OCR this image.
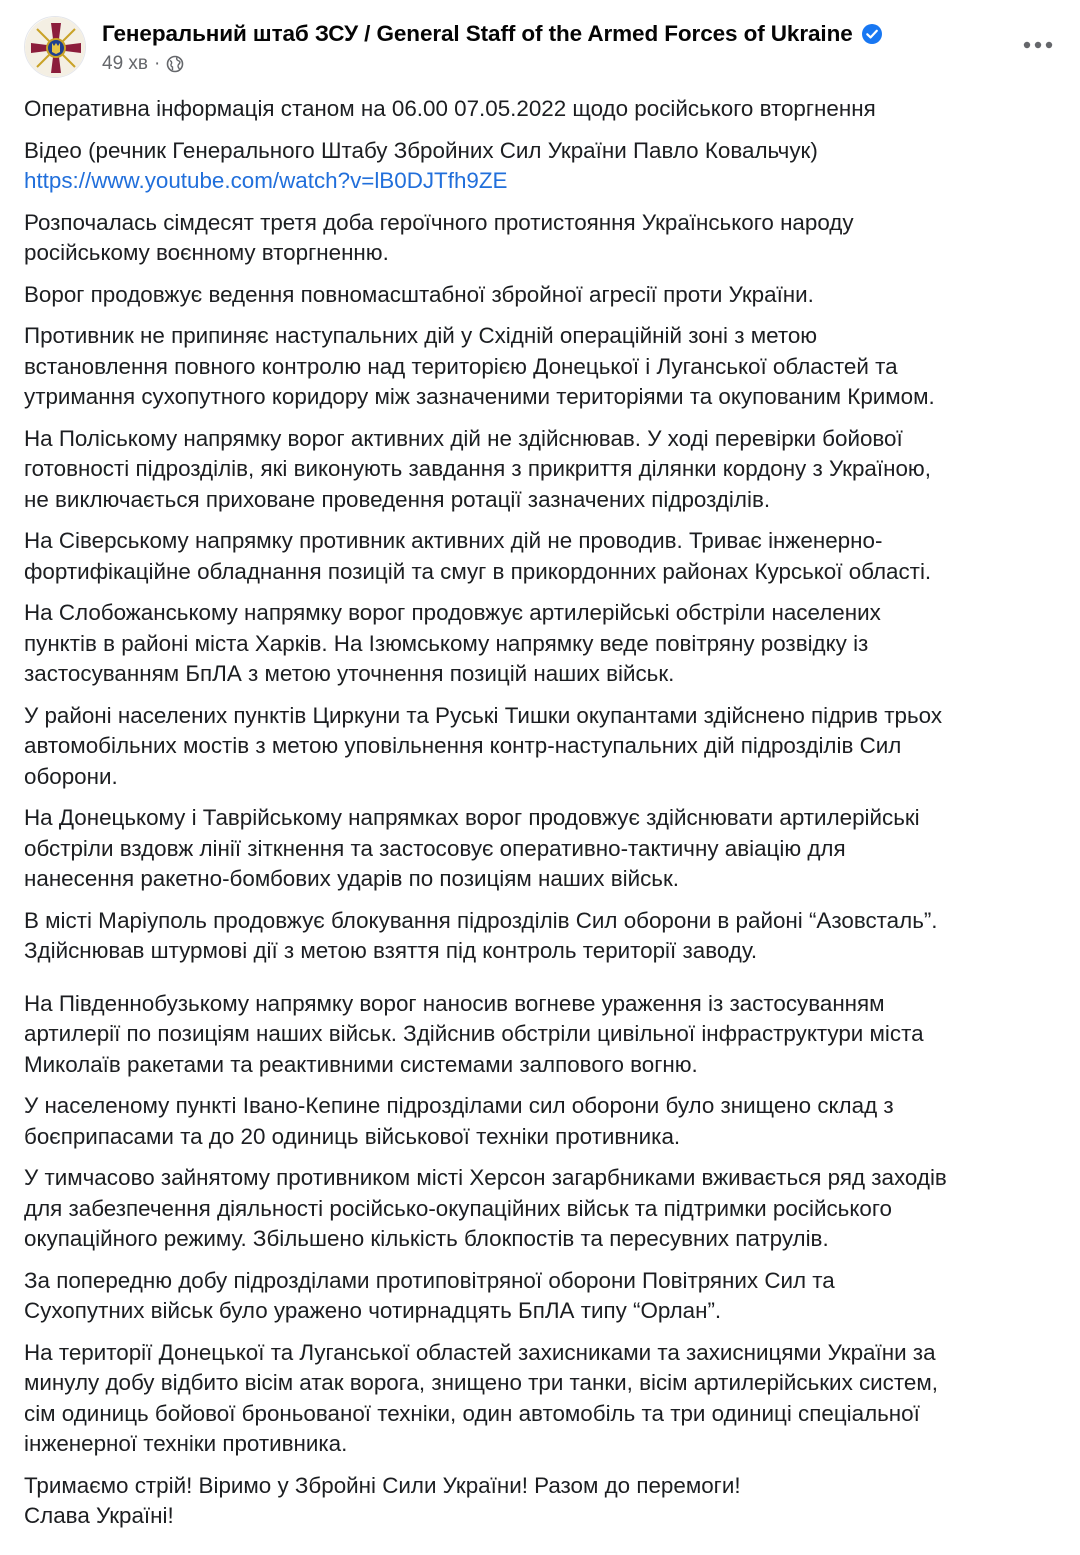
Генеральний штаб ЗСУ / General Staff of the Armed Forces of Ukraine
49 хв ·

Оперативна інформація станом на 06.00 07.05.2022 щодо російського вторгнення

Відео (речник Генерального Штабу Збройних Сил України Павло Ковальчук)
https://www.youtube.com/watch?v=lB0DJTfh9ZE

Розпочалась сімдесят третя доба героїчного протистояння Українського народу
російському воєнному вторгненню.

Ворог продовжує ведення повномасштабної збройної агресії проти України.

Противник не припиняє наступальних дій у Східній операційній зоні з метою
встановлення повного контролю над територією Донецької і Луганської областей та
утримання сухопутного коридору між зазначеними територіями та окупованим Кримом.

На Поліському напрямку ворог активних дій не здійснював. У ході перевірки бойової
готовності підрозділів, які виконують завдання з прикриття ділянки кордону з Україною,
не виключається приховане проведення ротації зазначених підрозділів.

На Сіверському напрямку противник активних дій не проводив. Триває інженерно-
фортифікаційне обладнання позицій та смуг в прикордонних районах Курської області.

На Слобожанському напрямку ворог продовжує артилерійські обстріли населених
пунктів в районі міста Харків. На Ізюмському напрямку веде повітряну розвідку із
застосуванням БпЛА з метою уточнення позицій наших військ.

У районі населених пунктів Циркуни та Руські Тишки окупантами здійснено підрив трьох
автомобільних мостів з метою уповільнення контр-наступальних дій підрозділів Сил
оборони.

На Донецькому і Таврійському напрямках ворог продовжує здійснювати артилерійські
обстріли вздовж лінії зіткнення та застосовує оперативно-тактичну авіацію для
нанесення ракетно-бомбових ударів по позиціям наших військ.

В місті Маріуполь продовжує блокування підрозділів Сил оборони в районі “Азовсталь”.
Здійснював штурмові дії з метою взяття під контроль території заводу.

На Південнобузькому напрямку ворог наносив вогневе ураження із застосуванням
артилерії по позиціям наших військ. Здійснив обстріли цивільної інфраструктури міста
Миколаїв ракетами та реактивними системами залпового вогню.

У населеному пункті Івано-Кепине підрозділами сил оборони було знищено склад з
боєприпасами та до 20 одиниць військової техніки противника.

У тимчасово зайнятому противником місті Херсон загарбниками вживається ряд заходів
для забезпечення діяльності російсько-окупаційних військ та підтримки російського
окупаційного режиму. Збільшено кількість блокпостів та пересувних патрулів.

За попередню добу підрозділами протиповітряної оборони Повітряних Сил та
Сухопутних військ було уражено чотирнадцять БпЛА типу “Орлан”.

На території Донецької та Луганської областей захисниками та захисницями України за
минулу добу відбито вісім атак ворога, знищено три танки, вісім артилерійських систем,
сім одиниць бойової броньованої техніки, один автомобіль та три одиниці спеціальної
інженерної техніки противника.

Тримаємо стрій! Віримо у Збройні Сили України! Разом до перемоги!
Слава Україні!
